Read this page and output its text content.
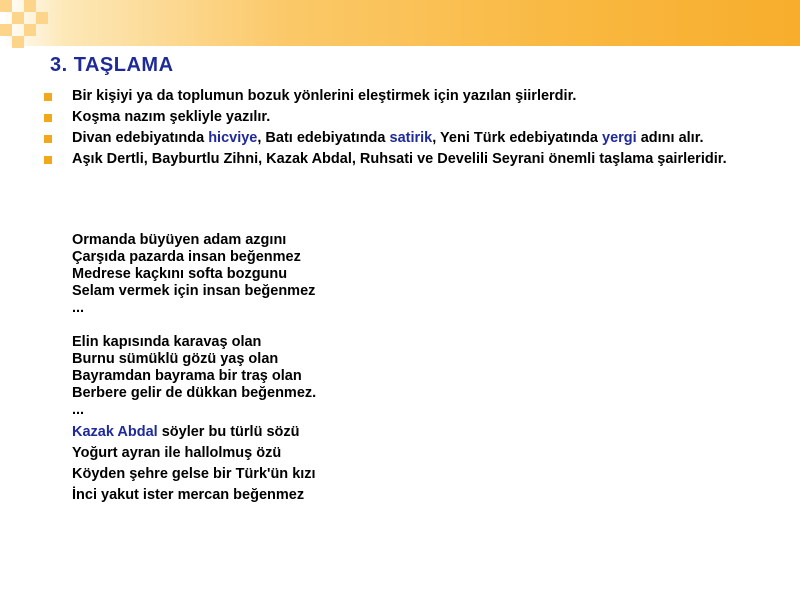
3. TAŞLAMA
Bir kişiyi ya da toplumun bozuk yönlerini eleştirmek için yazılan şiirlerdir.
Koşma nazım şekliyle yazılır.
Divan edebiyatında hicviye, Batı edebiyatında satirik, Yeni Türk edebiyatında yergi adını alır.
Aşık Dertli, Bayburtlu Zihni, Kazak Abdal, Ruhsati ve Develili Seyrani önemli taşlama şairleridir.
Ormanda büyüyen adam azgını
Çarşıda pazarda insan beğenmez
Medrese kaçkını softa bozgunu
Selam vermek için insan beğenmez
...
Elin kapısında karavaş olan
Burnu sümüklü gözü yaş olan
Bayramdan bayrama bir traş olan
Berbere gelir de dükkan beğenmez.
...
Kazak Abdal söyler bu türlü sözü
Yoğurt ayran ile hallolmuş özü
Köyden şehre gelse bir Türk'ün kızı
İnci yakut ister mercan beğenmez
